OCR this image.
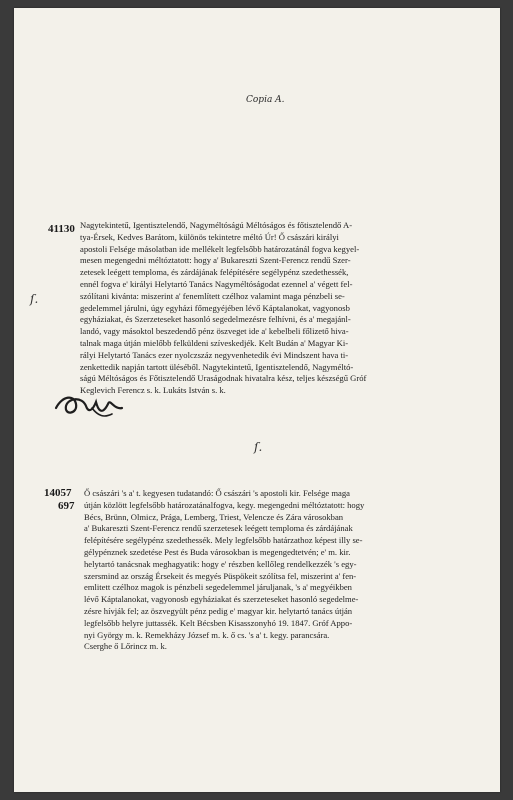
Copia A.
41130
ſ.
Nagytekintetű, Igentisztelendő, Nagyméltóságú Méltóságos és főtisztelendő A-
tya-Érsek, Kedves Barátom, különös tekintetre méltó Úr! Ő császári királyi
apostoli Felsége másolatban ide mellékelt legfelsőbb határozatánál fogva kegyel-
mesen megengedni méltóztatott: hogy a' Bukareszti Szent-Ferencz rendű Szer-
zetesek leégett templomа, és zárdájának felépítésére segélypénz szedethessék,
ennél fogva e' királyi Helytartó Tanács Nagyméltóságodat ezennel a' végett fel-
szólítani kivánta: miszerint a' fenemlített czélhoz valamint maga pénzbeli se-
gedelemmel járulni, úgy egyházi főmegyéjében lévő Káptalanokat, vagyonosb
egyháziakat, és Szerzeteseket hasonló segedelmezésre felhívni, és a' megajánl-
landó, vagy másoktol beszedendő pénz öszveget ide a' kebelbeli főlizető hiva-
talnak maga útján mielőbb felküldeni szíveskedjék. Kelt Budán a' Magyar Ki-
rályi Helytartó Tanács ezer nyolczszáz negyvenhetedik évi Mindszent hava ti-
zenkettedik napján tartott üléséből. Nagytekintetű, Igentisztelendő, Nagyméltó-
ságú Méltóságos és Főtisztelendő Uraságodnak hivatalra kész, teljes készségű Gróf
Keglevich Ferencz s. k. Lukáts István s. k.
ſ.
14057
697
Ő császári 's a' t. kegyesen tudatandó: Ő császári 's apostoli kir. Felsége maga
útján közlött legfelsőbb határozatánalfogva, kegy. megengedni méltóztatott: hogy
Bécs, Brünn, Olmicz, Prága, Lemberg, Triest, Velencze és Zára városokban
a' Bukareszti Szent-Ferencz rendű szerzetesek leégett temploma és zárdájának
felépítésére segélypénz szedethessék. Mely legfelsőbb határzathoz képest illy se-
gélypénznek szedetése Pest és Buda városokban is megengedtetvén; e' m. kir.
helytartó tanácsnak meghagyatik: hogy e' részben kellőleg rendelkezzék 's egy-
szersmind az ország Érsekeit és megyés Püspökeit szólítsa fel, miszerint a' fen-
emlitett czélhoz magok is pénzbeli segedelemmel járuljanak, 's a' megyéikben
lévő Káptalanokat, vagyonosb egyháziakat és szerzeteseket hasonló segedelme-
zésre hívják fel; az öszvegyült pénz pedig e' magyar kir. helytartó tanács útján
legfelsőbb helyre juttassék. Kelt Bécsben Kisasszonyhó 19. 1847. Gróf Appo-
nyi György m. k. Remekházy József m. k. ő cs. 's a' t. kegy. parancsára.
Cserghe ő Lőrincz m. k.
